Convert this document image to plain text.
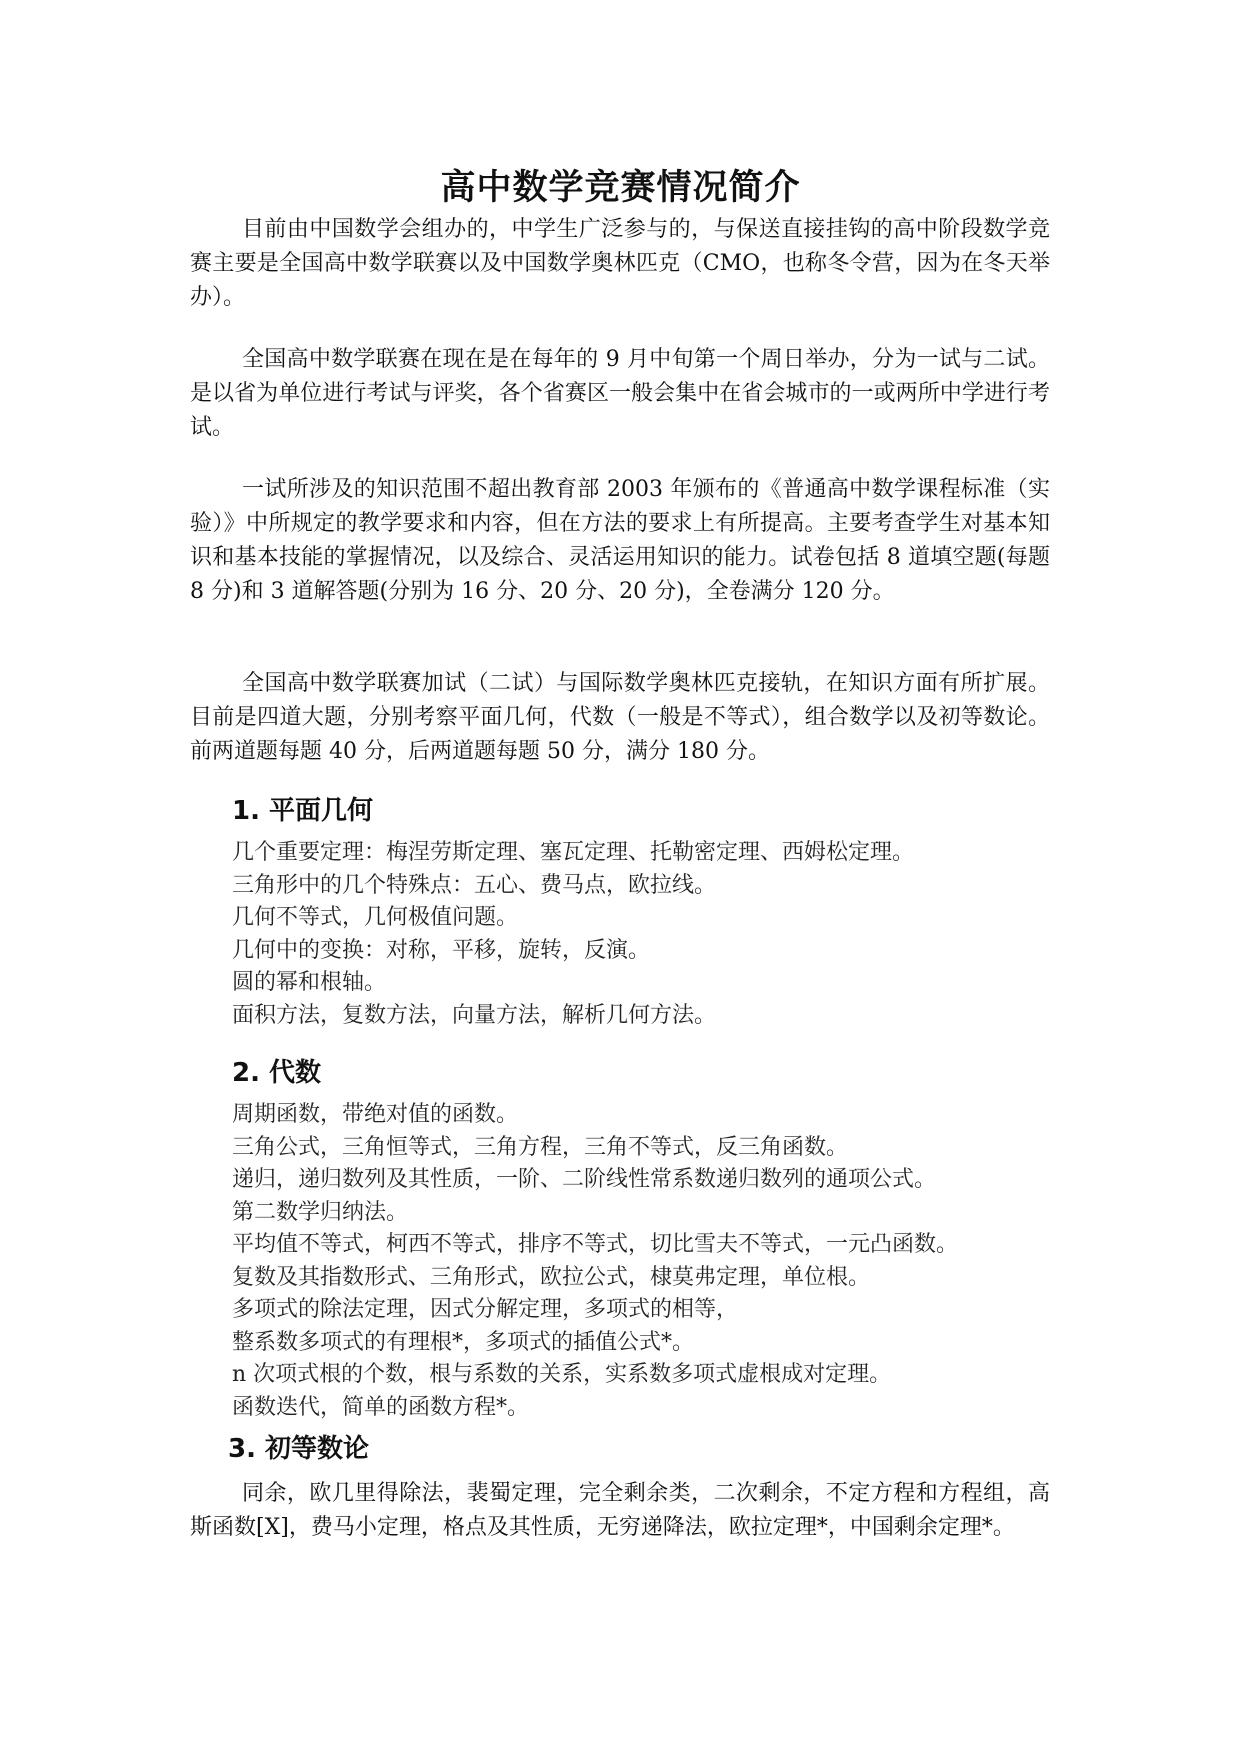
高中数学竞赛情况简介

目前由中国数学会组办的，中学生广泛参与的，与保送直接挂钩的高中阶段数学竞赛主要是全国高中数学联赛以及中国数学奥林匹克（CMO，也称冬令营，因为在冬天举办）。

全国高中数学联赛在现在是在每年的 9 月中旬第一个周日举办，分为一试与二试。是以省为单位进行考试与评奖，各个省赛区一般会集中在省会城市的一或两所中学进行考试。

一试所涉及的知识范围不超出教育部 2003 年颁布的《普通高中数学课程标准（实验）》中所规定的教学要求和内容，但在方法的要求上有所提高。主要考查学生对基本知识和基本技能的掌握情况，以及综合、灵活运用知识的能力。试卷包括 8 道填空题(每题 8 分)和 3 道解答题(分别为 16 分、20 分、20 分)，全卷满分 120 分。

全国高中数学联赛加试（二试）与国际数学奥林匹克接轨，在知识方面有所扩展。目前是四道大题，分别考察平面几何，代数（一般是不等式），组合数学以及初等数论。前两道题每题 40 分，后两道题每题 50 分，满分 180 分。

1. 平面几何
几个重要定理：梅涅劳斯定理、塞瓦定理、托勒密定理、西姆松定理。
三角形中的几个特殊点：五心、费马点，欧拉线。
几何不等式，几何极值问题。
几何中的变换：对称，平移，旋转，反演。
圆的幂和根轴。
面积方法，复数方法，向量方法，解析几何方法。
2. 代数
周期函数，带绝对值的函数。
三角公式，三角恒等式，三角方程，三角不等式，反三角函数。
递归，递归数列及其性质，一阶、二阶线性常系数递归数列的通项公式。
第二数学归纳法。
平均值不等式，柯西不等式，排序不等式，切比雪夫不等式，一元凸函数。
复数及其指数形式、三角形式，欧拉公式，棣莫弗定理，单位根。
多项式的除法定理，因式分解定理，多项式的相等，
整系数多项式的有理根*，多项式的插值公式*。
n 次项式根的个数，根与系数的关系，实系数多项式虚根成对定理。
函数迭代，简单的函数方程*。
3. 初等数论

同余，欧几里得除法，裴蜀定理，完全剩余类，二次剩余，不定方程和方程组，高斯函数[X]，费马小定理，格点及其性质，无穷递降法，欧拉定理*，中国剩余定理*。
